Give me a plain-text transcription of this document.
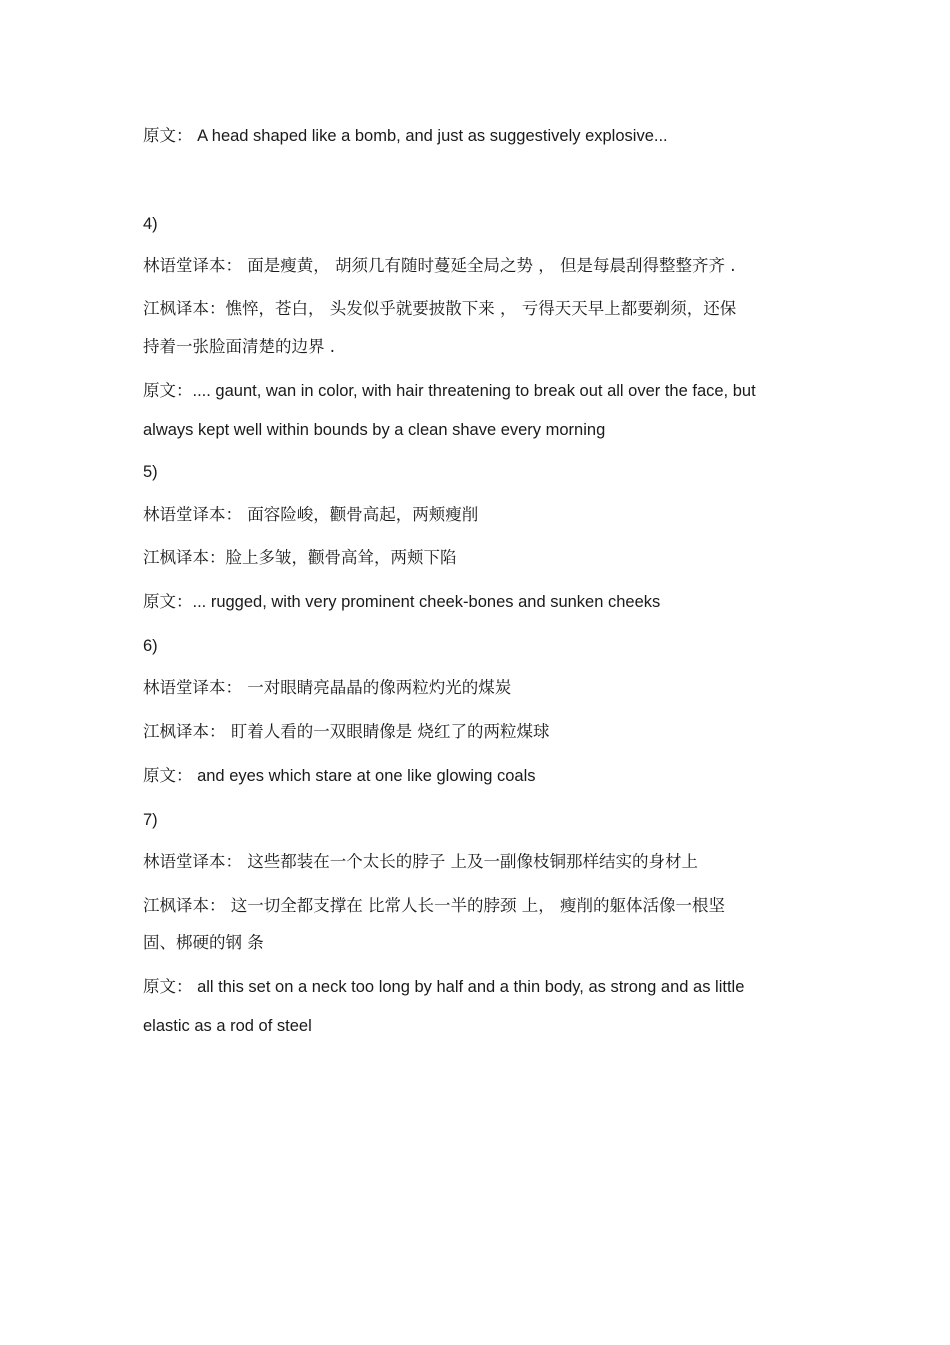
原文： A head shaped like a bomb, and just as suggestively explosive...
4)
林语堂译本： 面是瘦黄， 胡须几有随时蔓延全局之势 ， 但是每晨刮得整整齐齐 .
江枫译本：憔悴，苍白， 头发似乎就要披散下来 ， 亏得天天早上都要剃须，还保
持着一张脸面清楚的边界 .
原文：.... gaunt, wan in color, with hair threatening to break out all over the face, but
always kept well within bounds by a clean shave every morning
5)
林语堂译本： 面容险峻，颧骨高起，两颊瘦削
江枫译本：脸上多皱，颧骨高耸，两颊下陷
原文：... rugged, with very prominent cheek-bones and sunken cheeks
6)
林语堂译本： 一对眼睛亮晶晶的像两粒灼光的煤炭
江枫译本： 盯着人看的一双眼睛像是 烧红了的两粒煤球
原文： and eyes which stare at one like glowing coals
7)
林语堂译本： 这些都装在一个太长的脖子 上及一副像枝铜那样结实的身材上
江枫译本： 这一切全都支撑在 比常人长一半的脖颈 上， 瘦削的躯体活像一根坚
固、梆硬的钢 条
原文： all this set on a neck too long by half and a thin body, as strong and as little
elastic as a rod of steel
